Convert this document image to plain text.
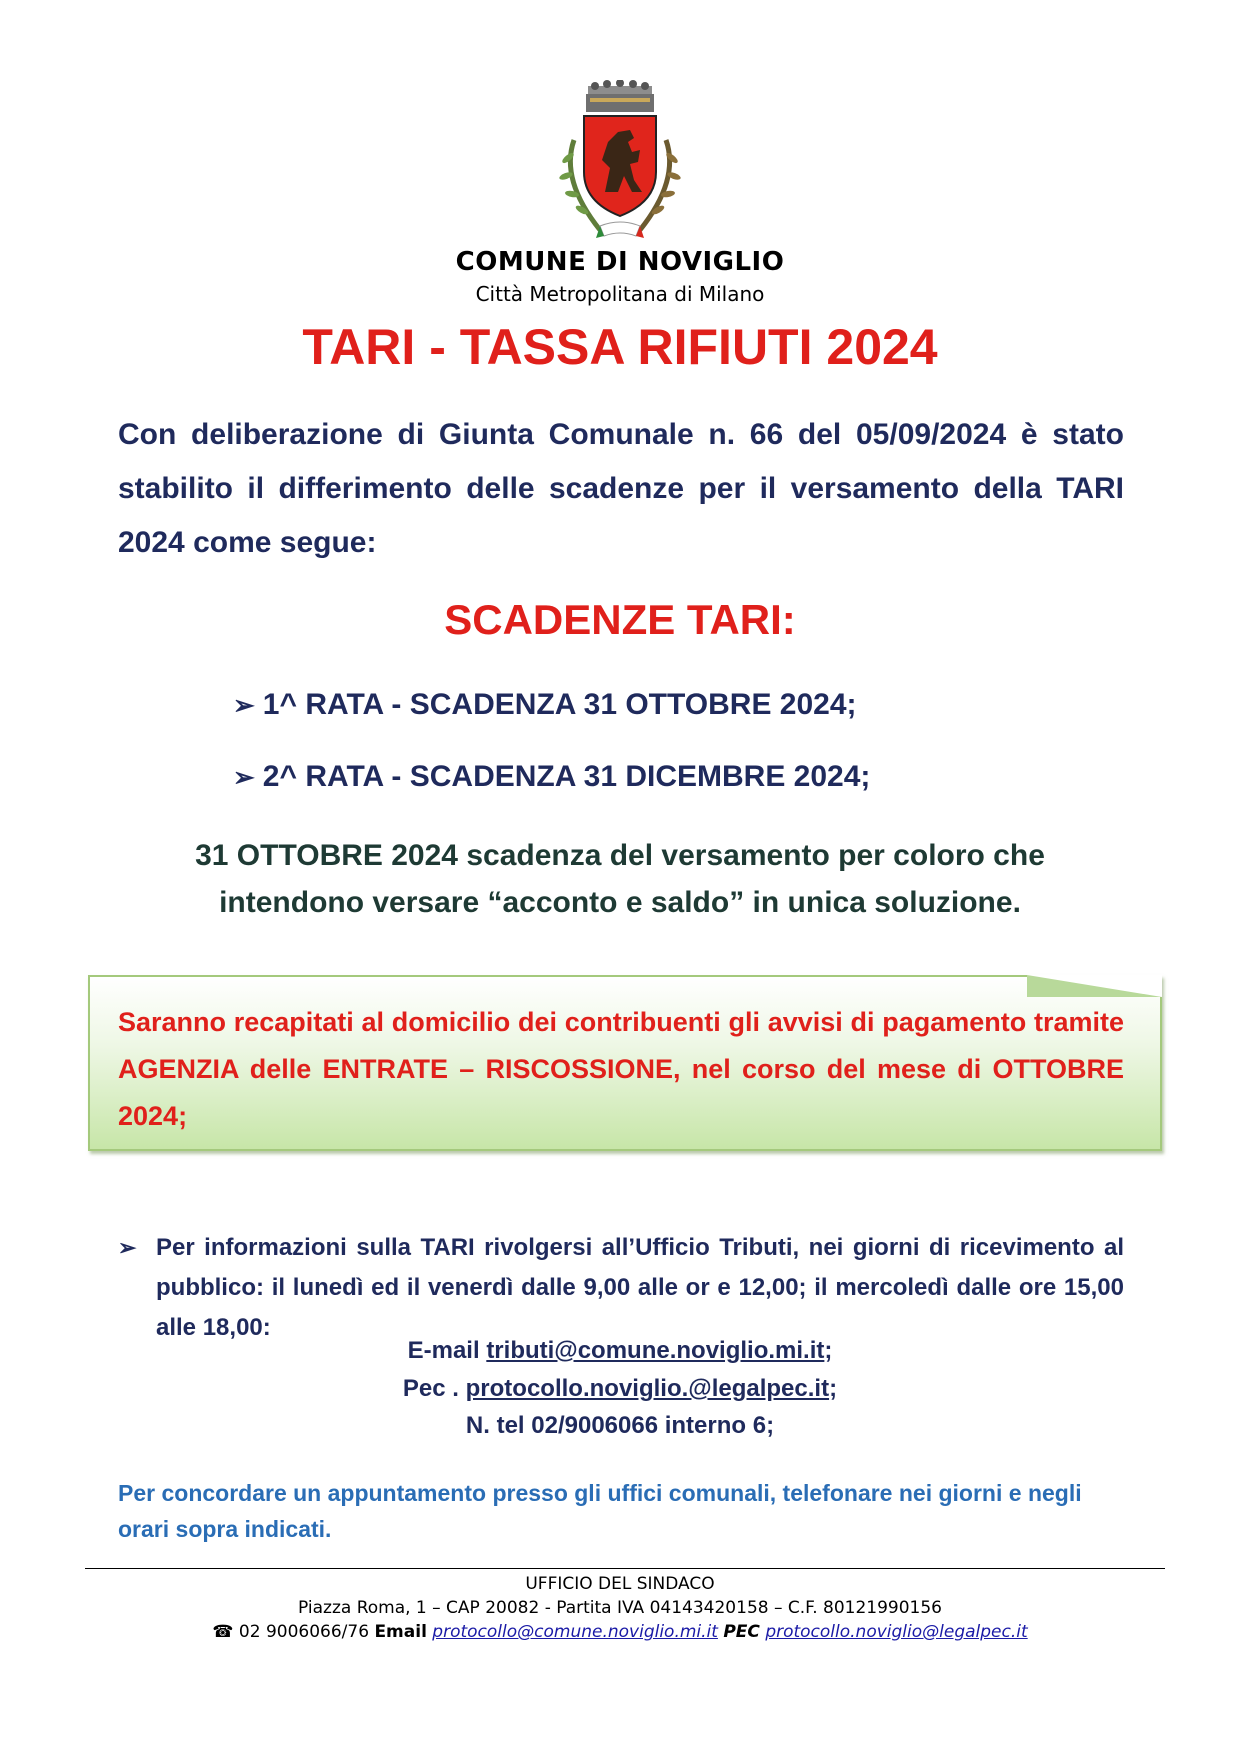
COMUNE DI NOVIGLIO
Città Metropolitana di Milano
TARI - TASSA RIFIUTI 2024
Con deliberazione di Giunta Comunale n. 66 del 05/09/2024 è stato stabilito il differimento delle scadenze per il versamento della TARI 2024 come segue:
SCADENZE TARI:
➢ 1^ RATA - SCADENZA 31 OTTOBRE 2024;
➢ 2^ RATA - SCADENZA 31 DICEMBRE 2024;
31 OTTOBRE 2024 scadenza del versamento per coloro che intendono versare “acconto e saldo” in unica soluzione.
Saranno recapitati al domicilio dei contribuenti gli avvisi di pagamento tramite AGENZIA delle ENTRATE – RISCOSSIONE, nel corso del mese di OTTOBRE 2024;
➢ Per informazioni sulla TARI rivolgersi all’Ufficio Tributi, nei giorni di ricevimento al pubblico: il lunedì ed il venerdì dalle 9,00 alle or e 12,00; il mercoledì dalle ore 15,00 alle 18,00:
E-mail tributi@comune.noviglio.mi.it;
Pec . protocollo.noviglio.@legalpec.it;
N. tel 02/9006066 interno 6;
Per concordare un appuntamento presso gli uffici comunali, telefonare nei giorni e negli orari sopra indicati.
UFFICIO DEL SINDACO
Piazza Roma, 1 – CAP 20082 - Partita IVA 04143420158 – C.F. 80121990156
☎ 02 9006066/76 Email protocollo@comune.noviglio.mi.it PEC protocollo.noviglio@legalpec.it
